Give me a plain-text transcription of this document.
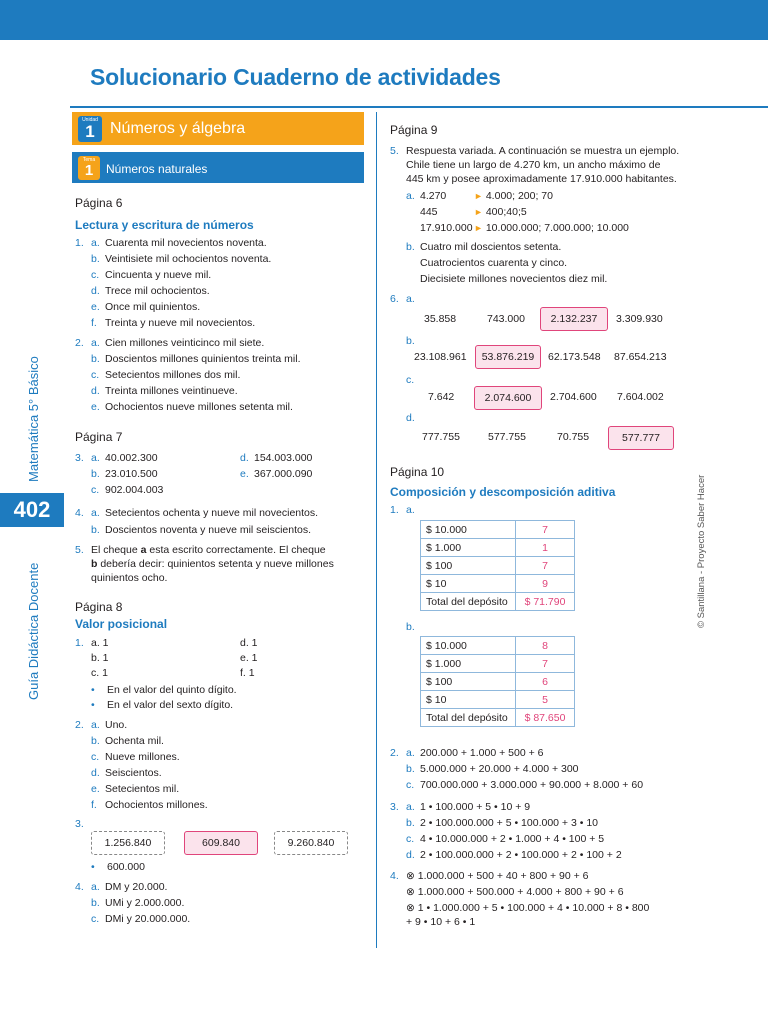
Solucionario Cuaderno de actividades
Matemática 5° Básico
Guía Didáctica Docente
402	© Santillana - Proyecto Saber Hacer
Unidad
1 Números y álgebra
Tema
1	Números naturales
Página 6
Lectura y escritura de números
1. a. Cuarenta mil novecientos noventa.
b. Veintisiete mil ochocientos noventa.
c. Cincuenta y nueve mil.
d. Trece mil ochocientos.
e. Once mil quinientos.
f. Treinta y nueve mil novecientos.
2. a. Cien millones veinticinco mil siete.
b. Doscientos millones quinientos treinta mil.
c. Setecientos millones dos mil.
d. Treinta millones veintinueve.
e. Ochocientos nueve millones setenta mil.
Página 7
3. a. 40.002.300
b. 23.010.500
c. 902.004.003
d. 154.003.000
e. 367.000.090
4. a. Setecientos ochenta y nueve mil novecientos.
b. Doscientos noventa y nueve mil seiscientos.
5. El cheque a esta escrito correctamente. El cheque
b debería decir: quinientos setenta y nueve millones
quinientos ocho.
Página 8
Valor posicional
1. a. 1
b. 1
c. 1
d. 1
e. 1
f. 1
• En el valor del quinto dígito.
• En el valor del sexto dígito.
2. a. Uno.
b. Ochenta mil.
c. Nueve millones.
d. Seiscientos.
e. Setecientos mil.
f. Ochocientos millones.
3.
1.256.840	609.840	9.260.840
• 600.000
4. a. DM y 20.000.
b. UMi y 2.000.000.
c. DMi y 20.000.000.
Página 9
5. Respuesta variada. A continuación se muestra un ejemplo.
Chile tiene un largo de 4.270 km, un ancho máximo de
445 km y posee aproximadamente 17.910.000 habitantes.
a. 4.270	► 4.000; 200; 70
445	► 400;40;5
17.910.000► 10.000.000; 7.000.000; 10.000
b. Cuatro mil doscientos setenta.
Cuatrocientos cuarenta y cinco.
Diecisiete millones novecientos diez mil.
6. a.
35.858	743.000	2.132.237	3.309.930
b.
23.108.961	53.876.219	62.173.548 87.654.213
c.
7.642	2.074.600	2.704.600 7.604.002
d.
777.755	577.755	70.755	577.777
Página 10
Composición y descomposición aditiva
1. a.
$ 10.000	7
$ 1.000	1
$ 100	7
$ 10	9
Total del depósito	$ 71.790
b.
$ 10.000	8
$ 1.000	7
$ 100	6
$ 10	5
Total del depósito	$ 87.650
2. a. 200.000 + 1.000 + 500 + 6
b. 5.000.000 + 20.000 + 4.000 + 300
c. 700.000.000 + 3.000.000 + 90.000 + 8.000 + 60
3. a. 1 • 100.000 + 5 • 10 + 9
b. 2 • 100.000.000 + 5 • 100.000 + 3 • 10
c. 4 • 10.000.000 + 2 • 1.000 + 4 • 100 + 5
d. 2 • 100.000.000 + 2 • 100.000 + 2 • 100 + 2
4. ⊗ 1.000.000 + 500 + 40 + 800 + 90 + 6
⊗ 1.000.000 + 500.000 + 4.000 + 800 + 90 + 6
⊗ 1 • 1.000.000 + 5 • 100.000 + 4 • 10.000 + 8 • 800
+ 9 • 10 + 6 • 1
